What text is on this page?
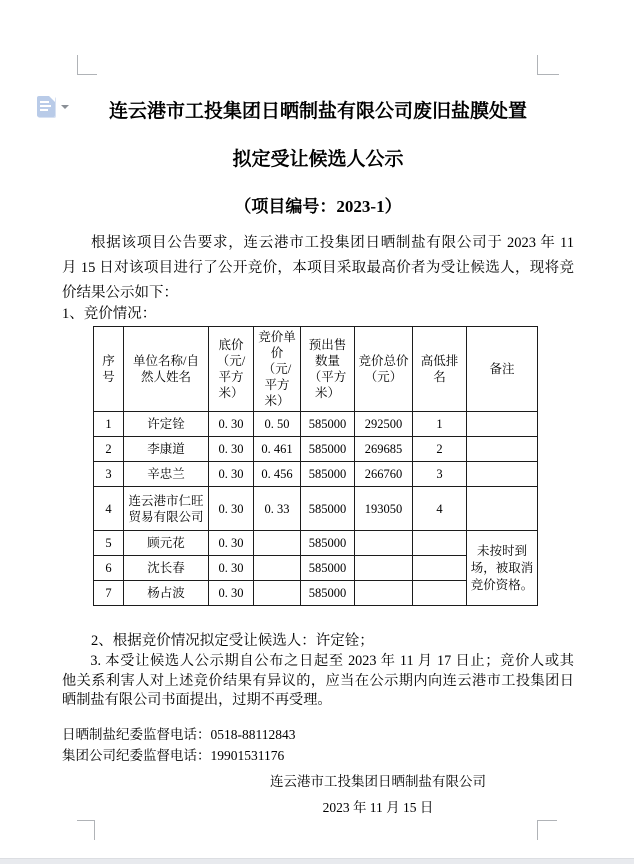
连云港市工投集团日晒制盐有限公司废旧盐膜处置
拟定受让候选人公示
（项目编号：2023-1）
根据该项目公告要求，连云港市工投集团日晒制盐有限公司于 2023 年 11
月 15 日对该项目进行了公开竞价，本项目采取最高价者为受让候选人，现将竞
价结果公示如下：
1、竞价情况：
序号	单位名称/自然人姓名	底价（元/平方米）	竞价单价（元/平方米）	预出售数量（平方米）	竞价总价（元）	高低排名	备注
1	许定铨	0. 30	0. 50	585000	292500	1	
2	李康道	0. 30	0. 461	585000	269685	2	
3	辛忠兰	0. 30	0. 456	585000	266760	3	
4	连云港市仁旺贸易有限公司	0. 30	0. 33	585000	193050	4	
5	顾元花	0. 30		585000			未按时到场，被取消竞价资格。
6	沈长春	0. 30		585000			
7	杨占波	0. 30		585000			
2、根据竞价情况拟定受让候选人：许定铨；
3. 本受让候选人公示期自公布之日起至 2023 年 11 月 17 日止；竞价人或其
他关系利害人对上述竞价结果有异议的，应当在公示期内向连云港市工投集团日
晒制盐有限公司书面提出，过期不再受理。
日晒制盐纪委监督电话：0518-88112843
集团公司纪委监督电话：19901531176
连云港市工投集团日晒制盐有限公司
2023 年 11 月 15 日
